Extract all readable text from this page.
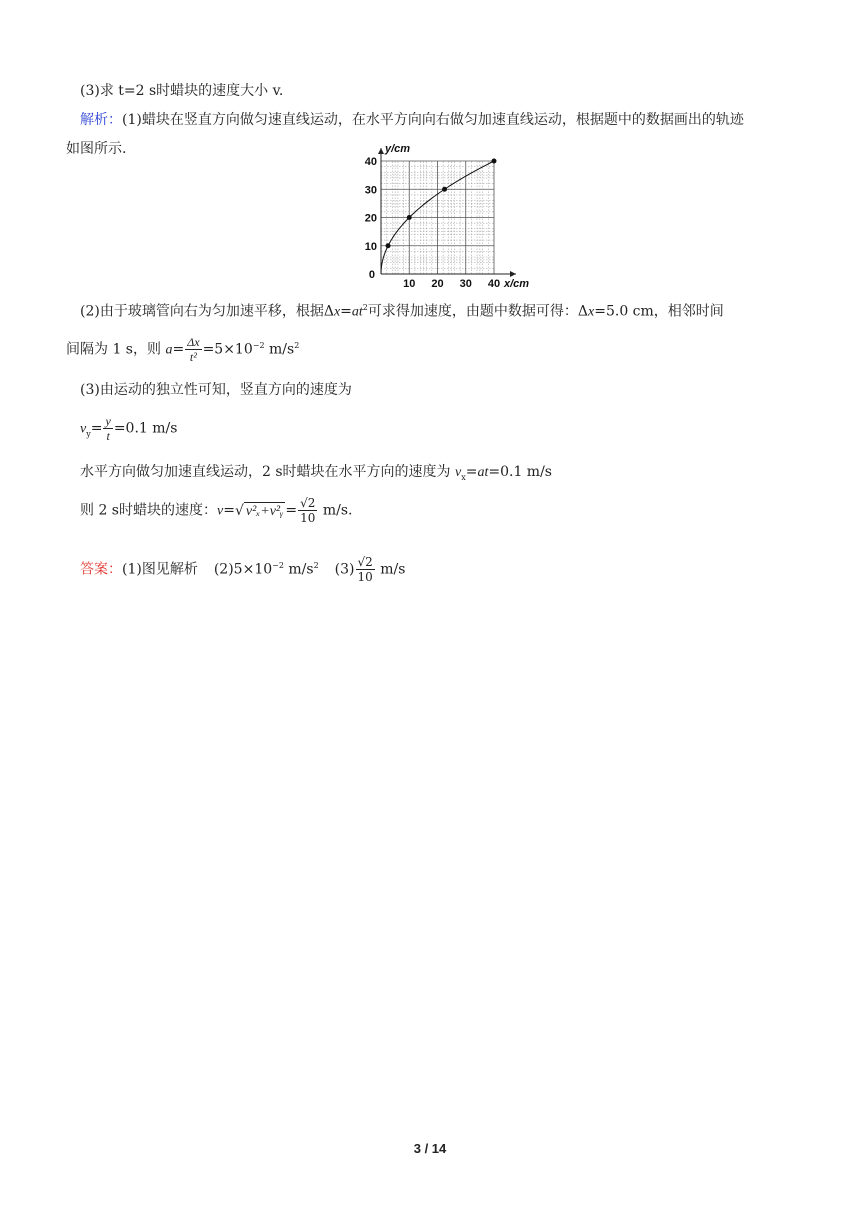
(3)求 t=2 s时蜡块的速度大小 v.
解析：(1)蜡块在竖直方向做匀速直线运动，在水平方向向右做匀加速直线运动，根据题中的数据画出的轨迹
如图所示.
10 20 30 40
10
20
30
40
0
x/cm
y/cm
(2)由于玻璃管向右为匀加速平移，根据$\Delta x=at^2$可求得加速度，由题中数据可得：Δx=5.0 cm，相邻时间
间隔为 1 s，则 $a= \frac{\Delta x}{\text{t²}} =5\times 10^{-2}$ $m/s^2$
(3)由运动的独立性可知，竖直方向的速度为
$v_y= \frac{y}{t} =0.1$ m/s
水平方向做匀加速直线运动，2 s时蜡块在水平方向的速度为 $v_x=at=0.1$ m/s
则 2 s时蜡块的速度：v=√ v²ₓ+v²ᵧ = $\frac{√2}{10} m/s$.
答案：(1)图见解析 $(2)5\times 10^{-2}$ $m/s^2$ $(3) \frac{√2}{10} m/s$
3 / 14
